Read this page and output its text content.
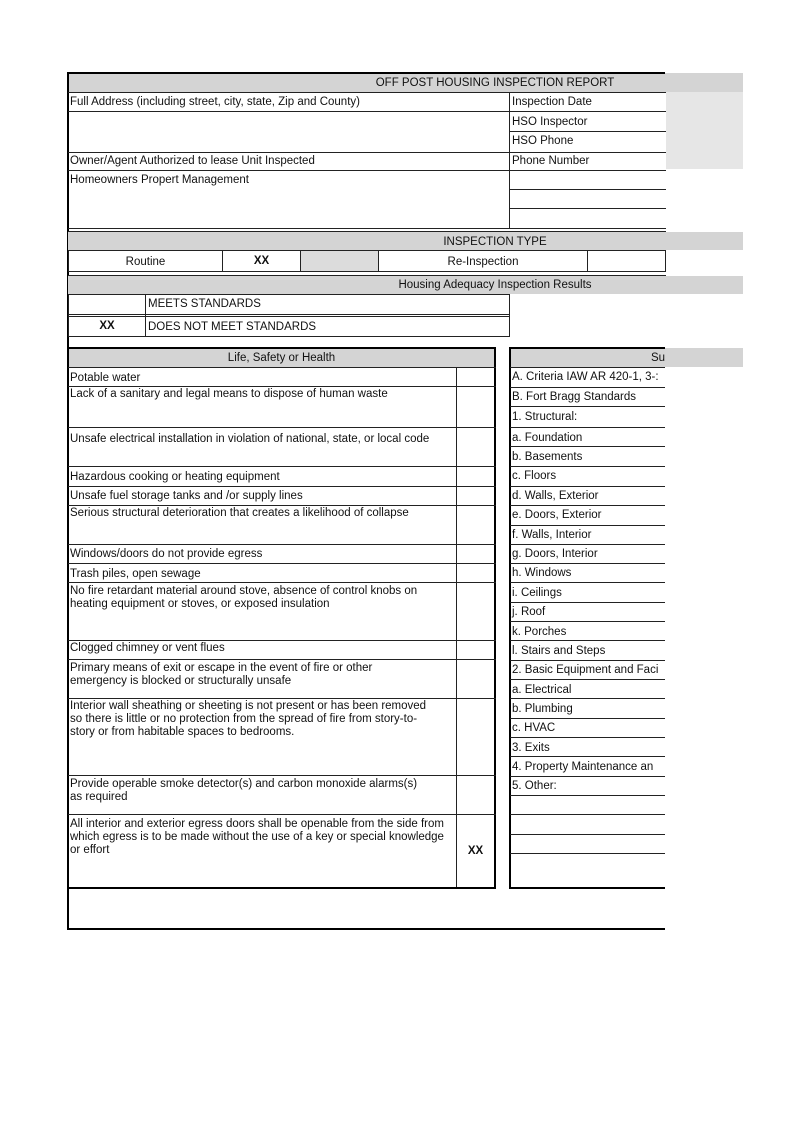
OFF POST HOUSING INSPECTION REPORT
Full Address (including street, city, state, Zip and County)
Owner/Agent Authorized to lease Unit Inspected
Homeowners Propert Management
Inspection Date
HSO Inspector
HSO Phone
Phone Number
INSPECTION TYPE
Routine	XX	Re-Inspection
Housing Adequacy Inspection Results
MEETS STANDARDS
XX	DOES NOT MEET STANDARDS
Life, Safety or Health
Potable water
Lack of a sanitary and legal means to dispose of human waste
Unsafe electrical installation in violation of national, state, or local code
Hazardous cooking or heating equipment
Unsafe fuel storage tanks and /or supply lines
Serious structural deterioration that creates a likelihood of collapse
Windows/doors do not provide egress
Trash piles, open sewage
No fire retardant material around stove, absence of control knobs on heating equipment or stoves, or exposed insulation
Clogged chimney or vent flues
Primary means of exit or escape in the event of fire or other emergency is blocked or structurally unsafe
Interior wall sheathing or sheeting is not present or has been removed so there is little or no protection from the spread of fire from story-to-story or from habitable spaces to bedrooms.
Provide operable smoke detector(s) and carbon monoxide alarms(s) as required
All interior and exterior egress doors shall be openable from the side from which egress is to be made without the use of a key or special knowledge or effort	XX
Su
A. Criteria IAW AR 420-1, 3-:
B. Fort Bragg Standards
1. Structural:
a. Foundation
b. Basements
c. Floors
d. Walls, Exterior
e. Doors, Exterior
f. Walls, Interior
g. Doors, Interior
h. Windows
i. Ceilings
j. Roof
k. Porches
l. Stairs and Steps
2. Basic Equipment and Faci
a. Electrical
b. Plumbing
c. HVAC
3. Exits
4. Property Maintenance an
5. Other:
